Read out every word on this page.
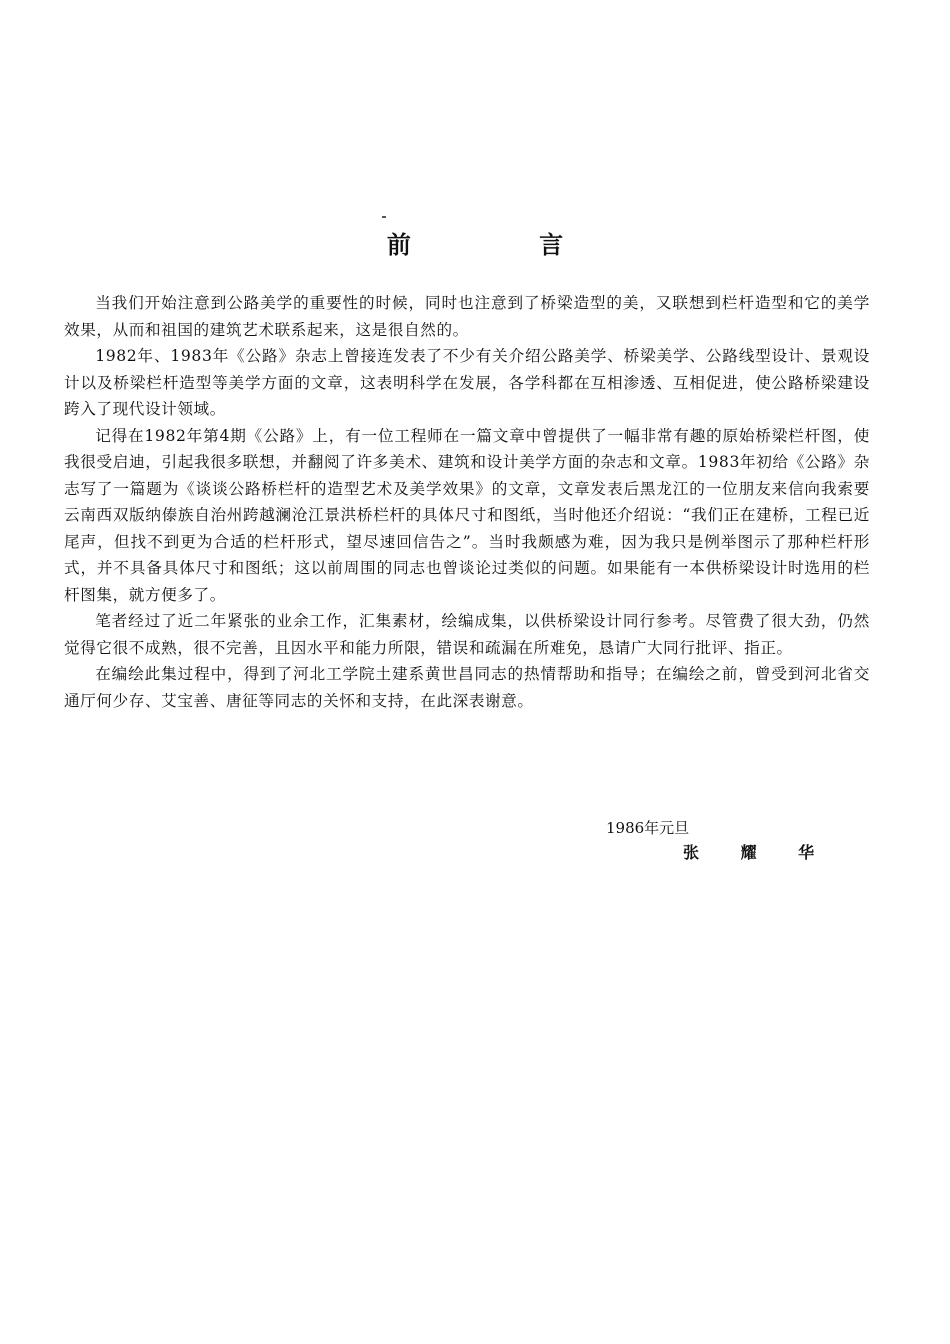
前 言

当我们开始注意到公路美学的重要性的时候，同时也注意到了桥梁造型的美，又联想到栏杆造型和它的美学效果，从而和祖国的建筑艺术联系起来，这是很自然的。

1982年、1983年《公路》杂志上曾接连发表了不少有关介绍公路美学、桥梁美学、公路线型设计、景观设计以及桥梁栏杆造型等美学方面的文章，这表明科学在发展，各学科都在互相渗透、互相促进，使公路桥梁建设跨入了现代设计领域。

记得在1982年第4期《公路》上，有一位工程师在一篇文章中曾提供了一幅非常有趣的原始桥梁栏杆图，使我很受启迪，引起我很多联想，并翻阅了许多美术、建筑和设计美学方面的杂志和文章。1983年初给《公路》杂志写了一篇题为《谈谈公路桥栏杆的造型艺术及美学效果》的文章，文章发表后黑龙江的一位朋友来信向我索要云南西双版纳傣族自治州跨越澜沧江景洪桥栏杆的具体尺寸和图纸，当时他还介绍说：“我们正在建桥，工程已近尾声，但找不到更为合适的栏杆形式，望尽速回信告之”。当时我颇感为难，因为我只是例举图示了那种栏杆形式，并不具备具体尺寸和图纸；这以前周围的同志也曾谈论过类似的问题。如果能有一本供桥梁设计时选用的栏杆图集，就方便多了。

笔者经过了近二年紧张的业余工作，汇集素材，绘编成集，以供桥梁设计同行参考。尽管费了很大劲，仍然觉得它很不成熟，很不完善，且因水平和能力所限，错误和疏漏在所难免，恳请广大同行批评、指正。

在编绘此集过程中，得到了河北工学院土建系黄世昌同志的热情帮助和指导；在编绘之前，曾受到河北省交通厅何少存、艾宝善、唐征等同志的关怀和支持，在此深表谢意。

1986年元旦
张 耀 华
